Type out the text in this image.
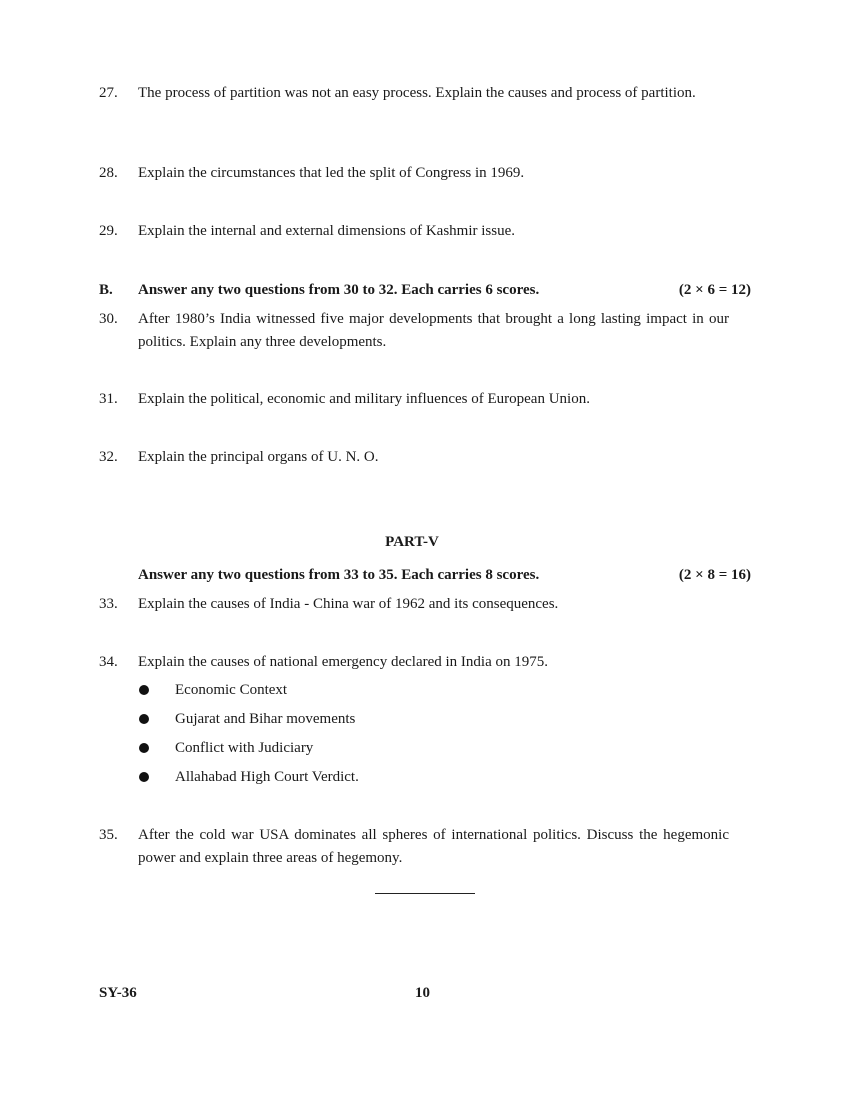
27. The process of partition was not an easy process. Explain the causes and process of partition.
28. Explain the circumstances that led the split of Congress in 1969.
29. Explain the internal and external dimensions of Kashmir issue.
B. Answer any two questions from 30 to 32. Each carries 6 scores.	(2 × 6 = 12)
30. After 1980’s India witnessed five major developments that brought a long lasting impact in our politics. Explain any three developments.
31. Explain the political, economic and military influences of European Union.
32. Explain the principal organs of U. N. O.
PART-V
Answer any two questions from 33 to 35. Each carries 8 scores.	(2 × 8 = 16)
33. Explain the causes of India - China war of 1962 and its consequences.
34. Explain the causes of national emergency declared in India on 1975.
Economic Context
Gujarat and Bihar movements
Conflict with Judiciary
Allahabad High Court Verdict.
35. After the cold war USA dominates all spheres of international politics. Discuss the hegemonic power and explain three areas of hegemony.
SY-36	10
